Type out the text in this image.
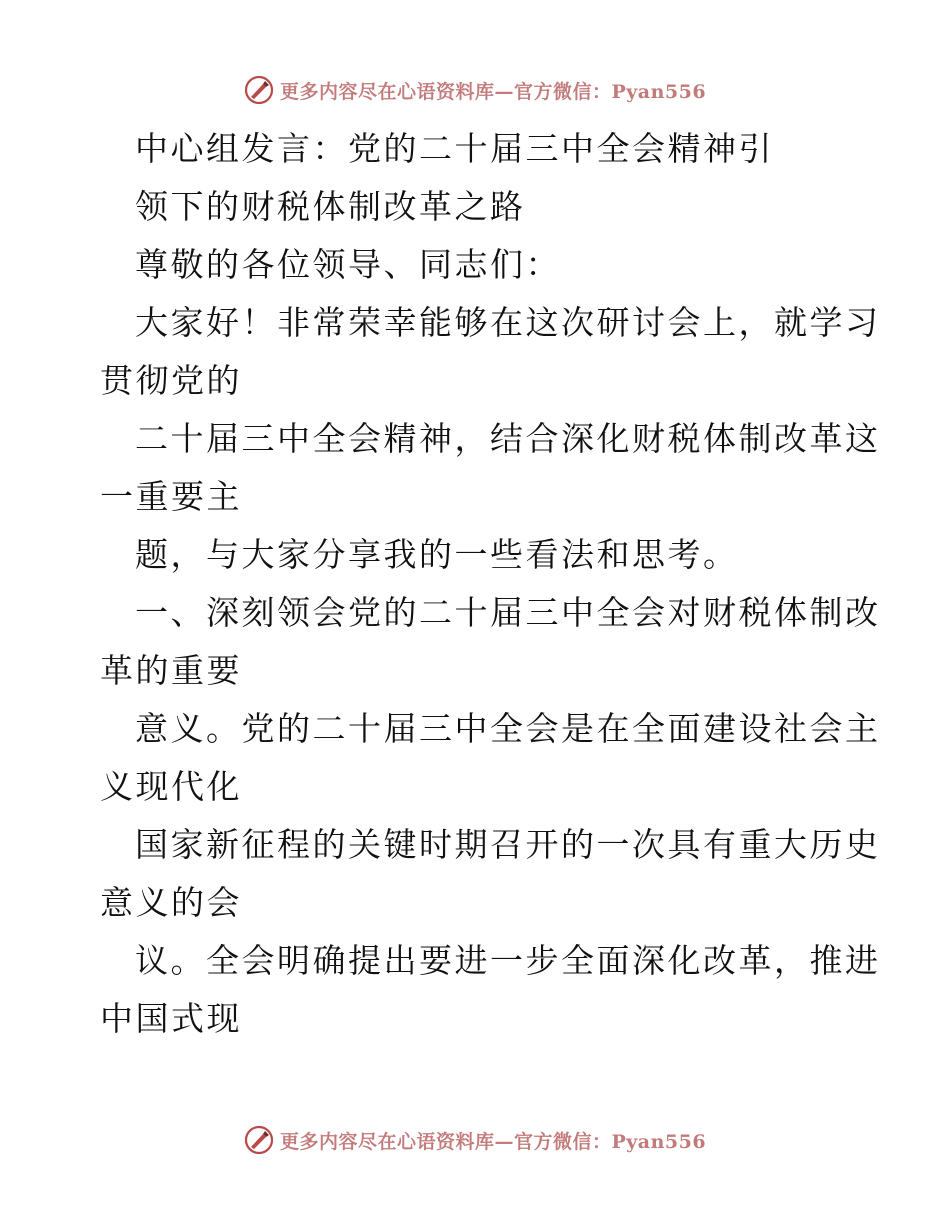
更多内容尽在心语资料库—官方微信：Pyan556
中心组发言：党的二十届三中全会精神引
领下的财税体制改革之路
尊敬的各位领导、同志们：
大家好！非常荣幸能够在这次研讨会上，就学习
贯彻党的
二十届三中全会精神，结合深化财税体制改革这
一重要主
题，与大家分享我的一些看法和思考。
一、深刻领会党的二十届三中全会对财税体制改
革的重要
意义。党的二十届三中全会是在全面建设社会主
义现代化
国家新征程的关键时期召开的一次具有重大历史
意义的会
议。全会明确提出要进一步全面深化改革，推进
中国式现
更多内容尽在心语资料库—官方微信：Pyan556
